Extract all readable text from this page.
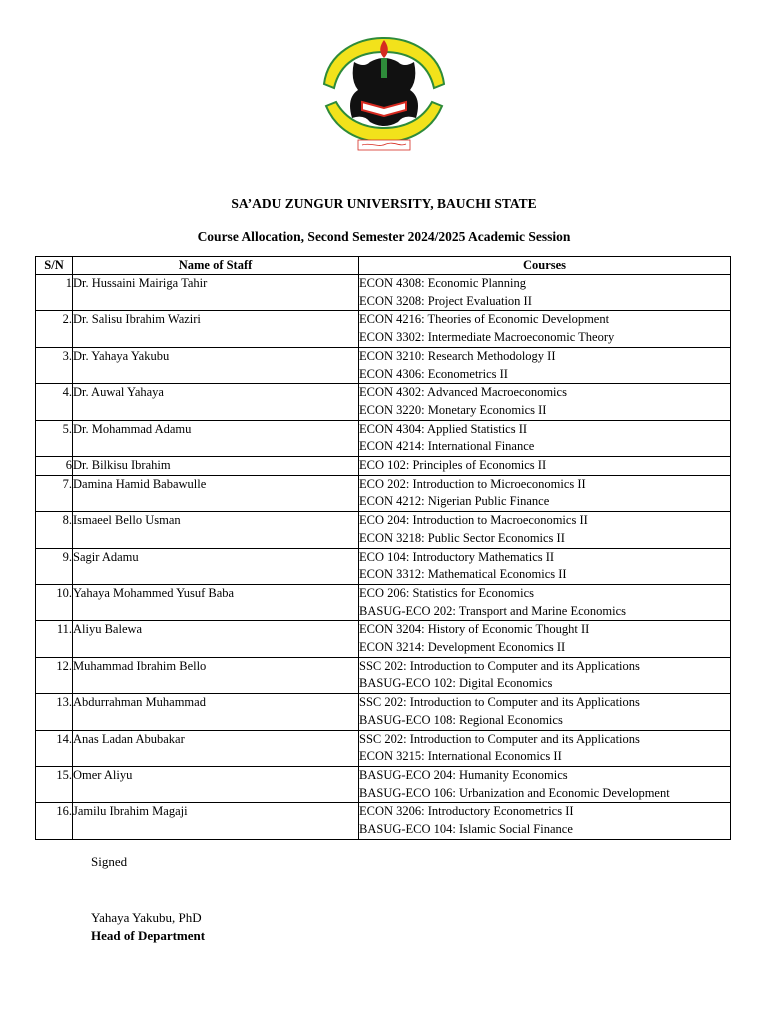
SA’ADU ZUNGUR UNIVERSITY, BAUCHI STATE
Course Allocation, Second Semester 2024/2025 Academic Session
S/N	Name of Staff	Courses
1	Dr. Hussaini Mairiga Tahir	ECON 4308: Economic Planning
ECON 3208: Project Evaluation II

2.	Dr. Salisu Ibrahim Waziri	ECON 4216: Theories of Economic Development
ECON 3302: Intermediate Macroeconomic Theory

3.	Dr. Yahaya Yakubu	ECON 3210: Research Methodology II
ECON 4306: Econometrics II

4.	Dr. Auwal Yahaya	ECON 4302: Advanced Macroeconomics
ECON 3220: Monetary Economics II

5.	Dr. Mohammad Adamu	ECON 4304: Applied Statistics II
ECON 4214: International Finance

6	Dr. Bilkisu Ibrahim	ECO 102: Principles of Economics II

7.	Damina Hamid Babawulle	ECO 202: Introduction to Microeconomics II
ECON 4212: Nigerian Public Finance

8.	Ismaeel Bello Usman	ECO 204: Introduction to Macroeconomics II
ECON 3218: Public Sector Economics II

9.	Sagir Adamu	ECO 104: Introductory Mathematics II
ECON 3312: Mathematical Economics II

10.	Yahaya Mohammed Yusuf Baba	ECO 206: Statistics for Economics
BASUG-ECO 202: Transport and Marine Economics

11.	Aliyu Balewa	ECON 3204: History of Economic Thought II
ECON 3214: Development Economics II

12.	Muhammad Ibrahim Bello	SSC 202: Introduction to Computer and its Applications
BASUG-ECO 102: Digital Economics

13.	Abdurrahman Muhammad	SSC 202: Introduction to Computer and its Applications
BASUG-ECO 108: Regional Economics

14.	Anas Ladan Abubakar	SSC 202: Introduction to Computer and its Applications
ECON 3215: International Economics II

15.	Omer Aliyu	BASUG-ECO 204: Humanity Economics
BASUG-ECO 106: Urbanization and Economic Development

16.	Jamilu Ibrahim Magaji	ECON 3206: Introductory Econometrics II
BASUG-ECO 104: Islamic Social Finance
Signed
Yahaya Yakubu, PhD
Head of Department
